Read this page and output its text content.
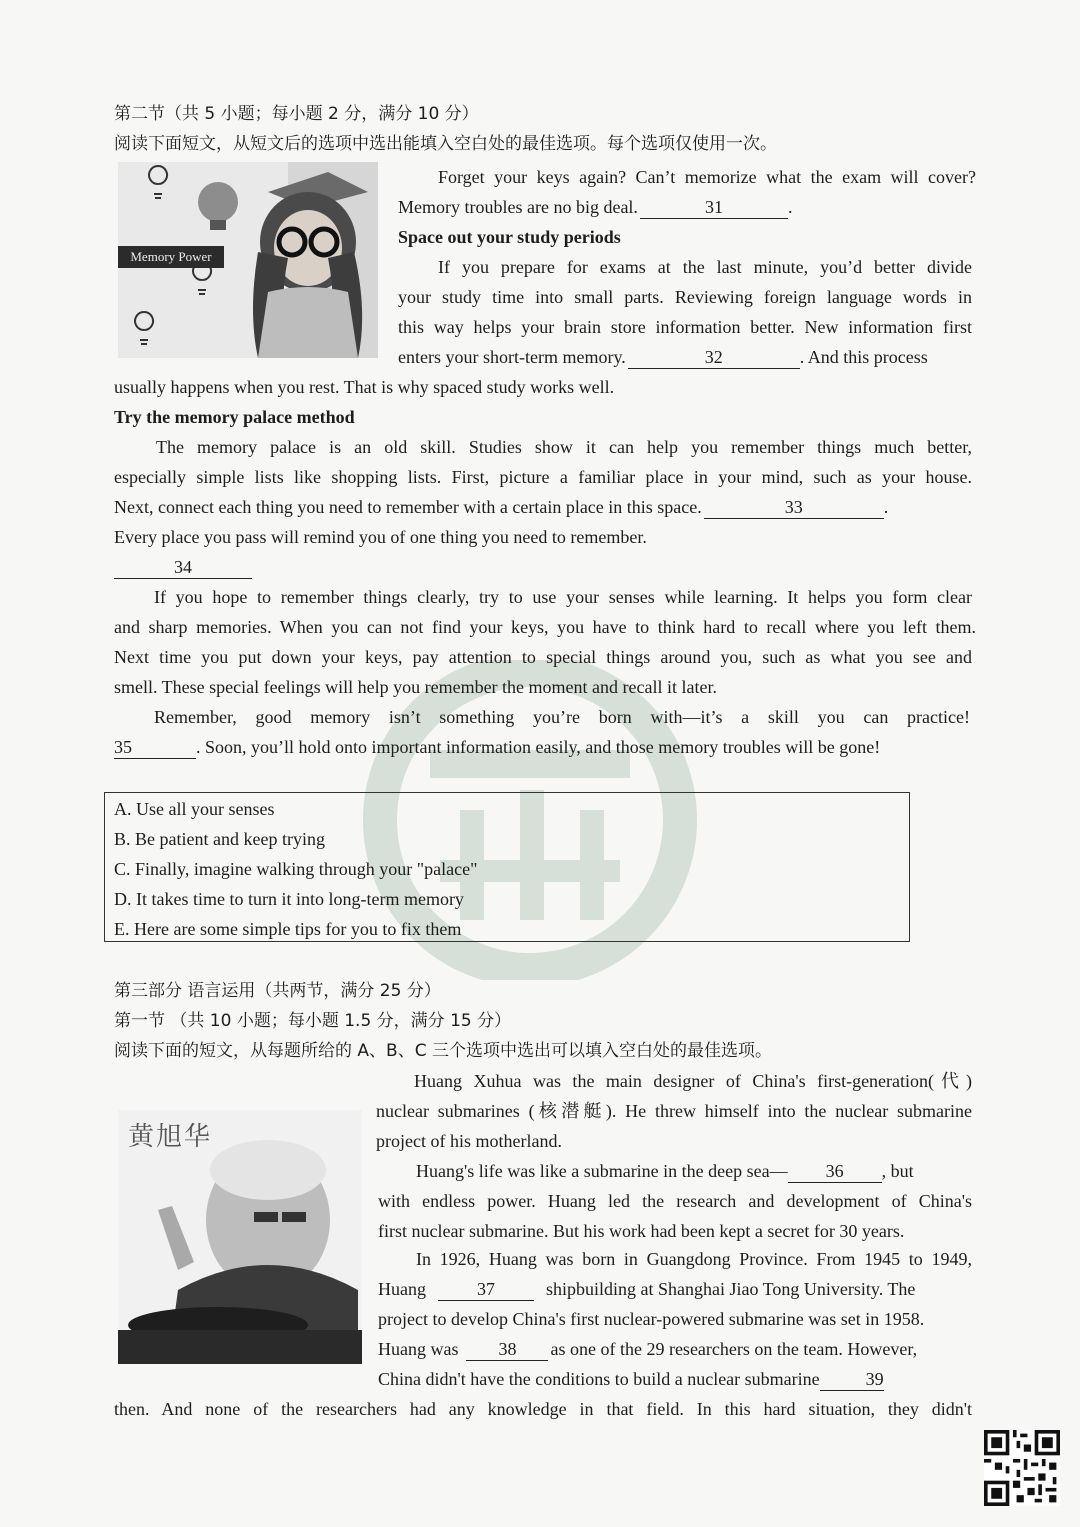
第二节（共 5 小题；每小题 2 分，满分 10 分）
阅读下面短文，从短文后的选项中选出能填入空白处的最佳选项。每个选项仅使用一次。
Memory Power
Forget your keys again? Can’t memorize what the exam will cover?
Memory troubles are no big deal.	31	.
Space out your study periods
If you prepare for exams at the last minute, you’d better divide
your study time into small parts. Reviewing foreign language words in
this way helps your brain store information better. New information first
enters your short-term memory.	32	. And this process
usually happens when you rest. That is why spaced study works well.
Try the memory palace method
The memory palace is an old skill. Studies show it can help you remember things much better,
especially simple lists like shopping lists. First, picture a familiar place in your mind, such as your house.
Next, connect each thing you need to remember with a certain place in this space.	33	.
Every place you pass will remind you of one thing you need to remember.
34
If you hope to remember things clearly, try to use your senses while learning. It helps you form clear
and sharp memories. When you can not find your keys, you have to think hard to recall where you left them.
Next time you put down your keys, pay attention to special things around you, such as what you see and
smell. These special feelings will help you remember the moment and recall it later.
Remember, good memory isn’t something you’re born with—it’s a skill you can practice!
35	. Soon, you’ll hold onto important information easily, and those memory troubles will be gone!
A. Use all your senses
B. Be patient and keep trying
C. Finally, imagine walking through your "palace"
D. It takes time to turn it into long-term memory
E. Here are some simple tips for you to fix them
第三部分 语言运用（共两节，满分 25 分）
第一节 （共 10 小题；每小题 1.5 分，满分 15 分）
阅读下面的短文，从每题所给的 A、B、C 三个选项中选出可以填入空白处的最佳选项。
黄旭华
Huang Xuhua was the main designer of China's first-generation(代)
nuclear submarines (核潜艇). He threw himself into the nuclear submarine
project of his motherland.
Huang's life was like a submarine in the deep sea— 36 , but
with endless power. Huang led the research and development of China's
first nuclear submarine. But his work had been kept a secret for 30 years.
In 1926, Huang was born in Guangdong Province. From 1945 to 1949,
Huang	37	shipbuilding at Shanghai Jiao Tong University. The
project to develop China's first nuclear-powered submarine was set in 1958.
Huang was 38 as one of the 29 researchers on the team. However,
China didn't have the conditions to build a nuclear submarine	39
then. And none of the researchers had any knowledge in that field. In this hard situation, they didn't
